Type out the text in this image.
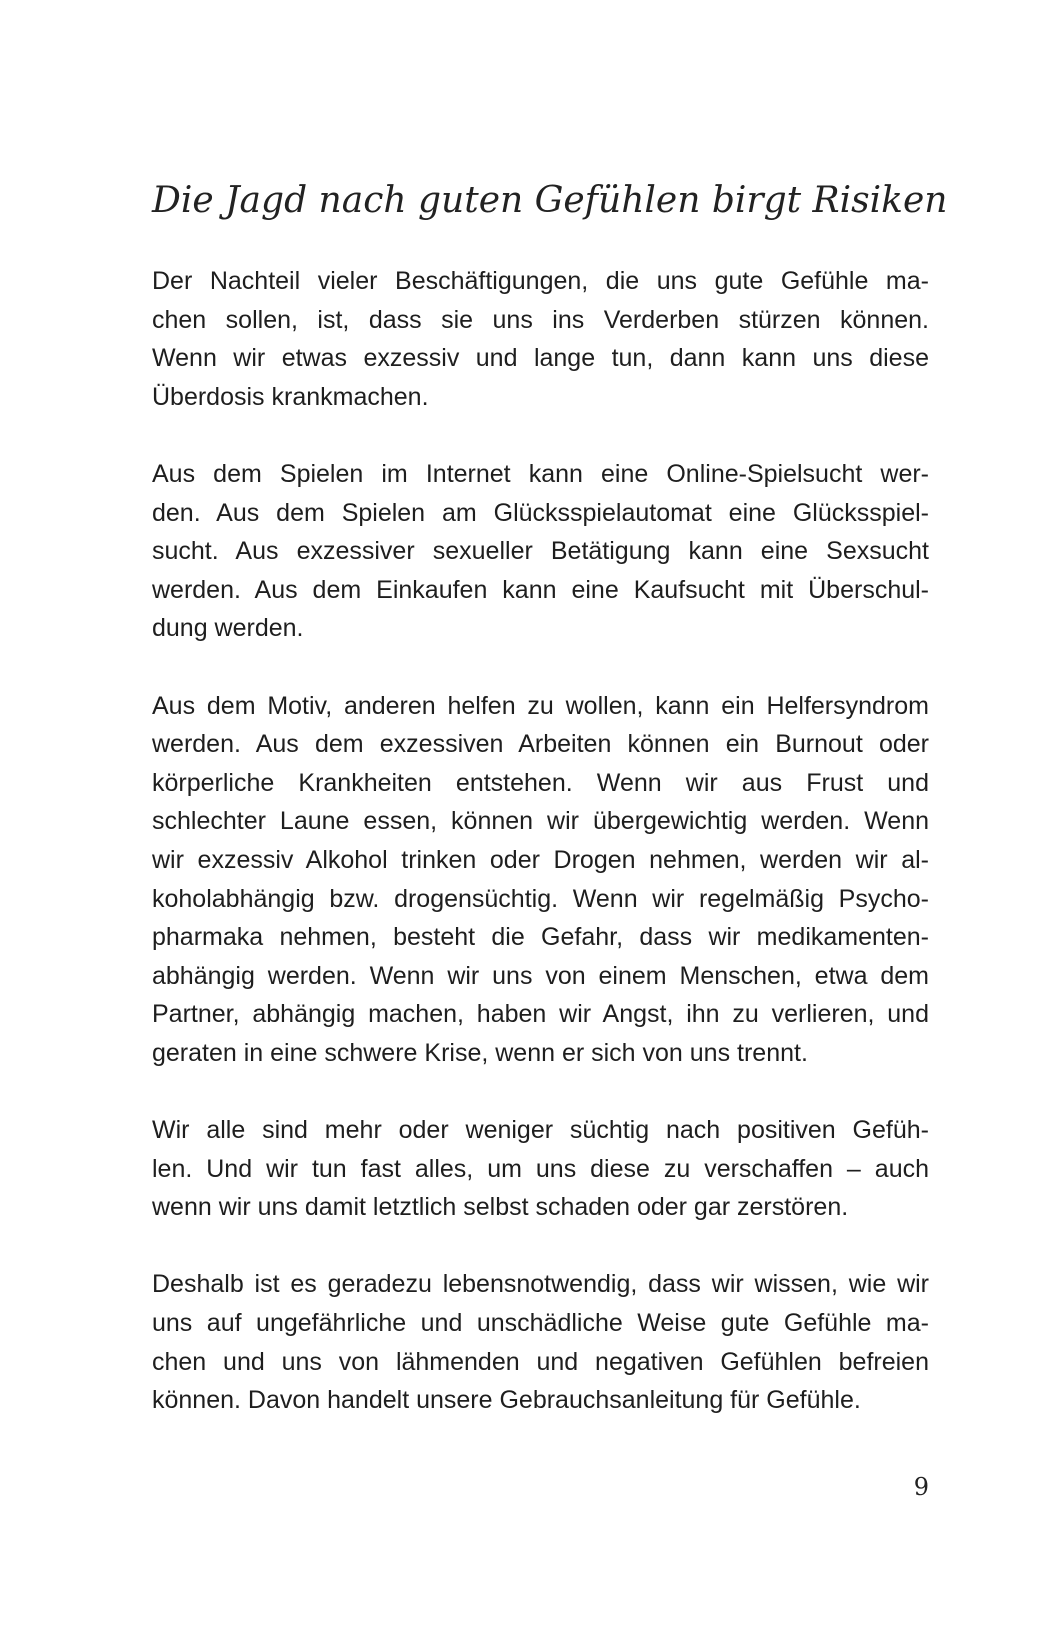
Die Jagd nach guten Gefühlen birgt Risiken

Der Nachteil vieler Beschäftigungen, die uns gute Gefühle ma-
chen sollen, ist, dass sie uns ins Verderben stürzen können.
Wenn wir etwas exzessiv und lange tun, dann kann uns diese
Überdosis krankmachen.

Aus dem Spielen im Internet kann eine Online-Spielsucht wer-
den. Aus dem Spielen am Glücksspielautomat eine Glücksspiel-
sucht. Aus exzessiver sexueller Betätigung kann eine Sexsucht
werden. Aus dem Einkaufen kann eine Kaufsucht mit Überschul-
dung werden.

Aus dem Motiv, anderen helfen zu wollen, kann ein Helfersyndrom
werden. Aus dem exzessiven Arbeiten können ein Burnout oder
körperliche Krankheiten entstehen. Wenn wir aus Frust und
schlechter Laune essen, können wir übergewichtig werden. Wenn
wir exzessiv Alkohol trinken oder Drogen nehmen, werden wir al-
koholabhängig bzw. drogensüchtig. Wenn wir regelmäßig Psycho-
pharmaka nehmen, besteht die Gefahr, dass wir medikamenten-
abhängig werden. Wenn wir uns von einem Menschen, etwa dem
Partner, abhängig machen, haben wir Angst, ihn zu verlieren, und
geraten in eine schwere Krise, wenn er sich von uns trennt.

Wir alle sind mehr oder weniger süchtig nach positiven Gefüh-
len. Und wir tun fast alles, um uns diese zu verschaffen – auch
wenn wir uns damit letztlich selbst schaden oder gar zerstören.

Deshalb ist es geradezu lebensnotwendig, dass wir wissen, wie wir
uns auf ungefährliche und unschädliche Weise gute Gefühle ma-
chen und uns von lähmenden und negativen Gefühlen befreien
können. Davon handelt unsere Gebrauchsanleitung für Gefühle.

9
